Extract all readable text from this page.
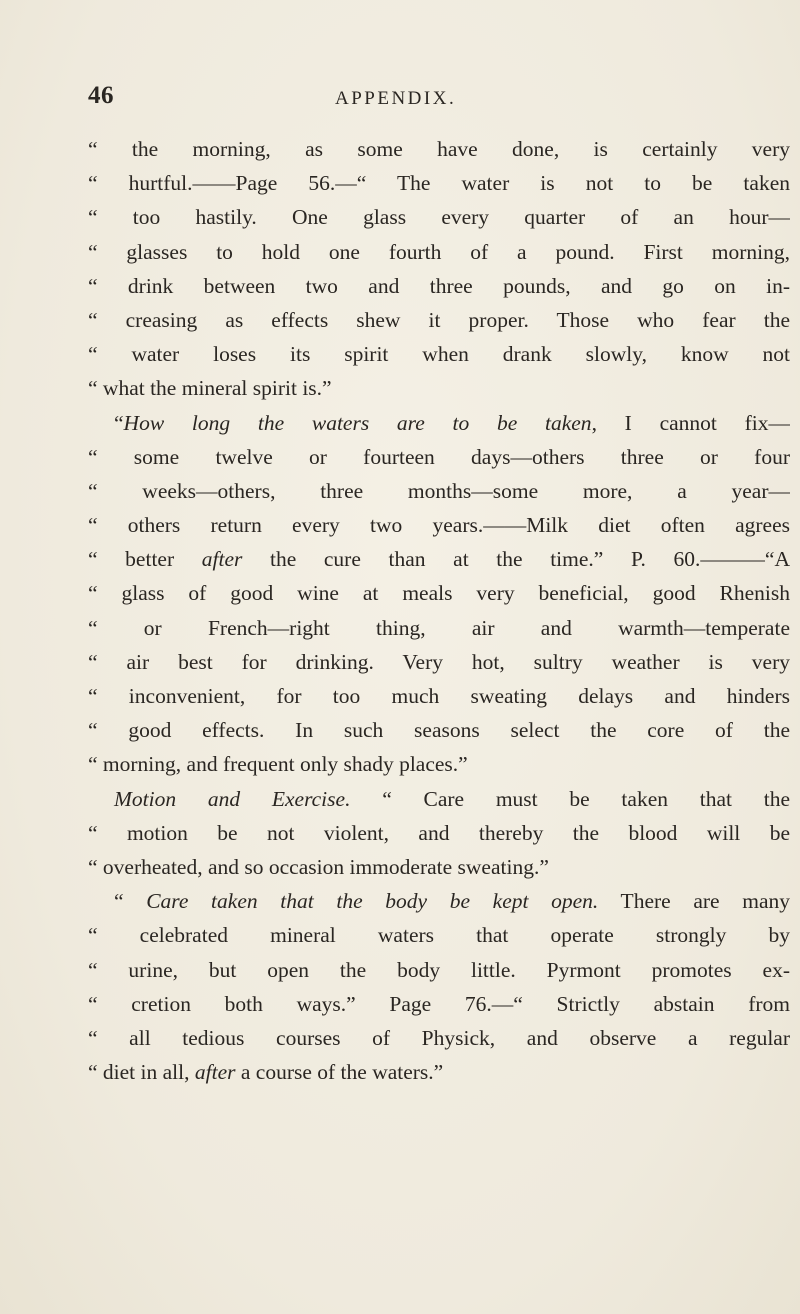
46	APPENDIX.
“ the morning, as some have done, is certainly very
“ hurtful.——Page 56.—“ The water is not to be taken
“ too hastily. One glass every quarter of an hour—
“ glasses to hold one fourth of a pound. First morning,
“ drink between two and three pounds, and go on in-
“ creasing as effects shew it proper. Those who fear the
“ water loses its spirit when drank slowly, know not
“ what the mineral spirit is.”
“How long the waters are to be taken, I cannot fix—
“ some twelve or fourteen days—others three or four
“ weeks—others, three months—some more, a year—
“ others return every two years.——Milk diet often agrees
“ better after the cure than at the time.” P. 60.———“A
“ glass of good wine at meals very beneficial, good Rhenish
“ or French—right thing, air and warmth—temperate
“ air best for drinking. Very hot, sultry weather is very
“ inconvenient, for too much sweating delays and hinders
“ good effects. In such seasons select the core of the
“ morning, and frequent only shady places.”
Motion and Exercise. “ Care must be taken that the
“ motion be not violent, and thereby the blood will be
“ overheated, and so occasion immoderate sweating.”
“ Care taken that the body be kept open. There are many
“ celebrated mineral waters that operate strongly by
“ urine, but open the body little. Pyrmont promotes ex-
“ cretion both ways.” Page 76.—“ Strictly abstain from
“ all tedious courses of Physick, and observe a regular
“ diet in all, after a course of the waters.”
